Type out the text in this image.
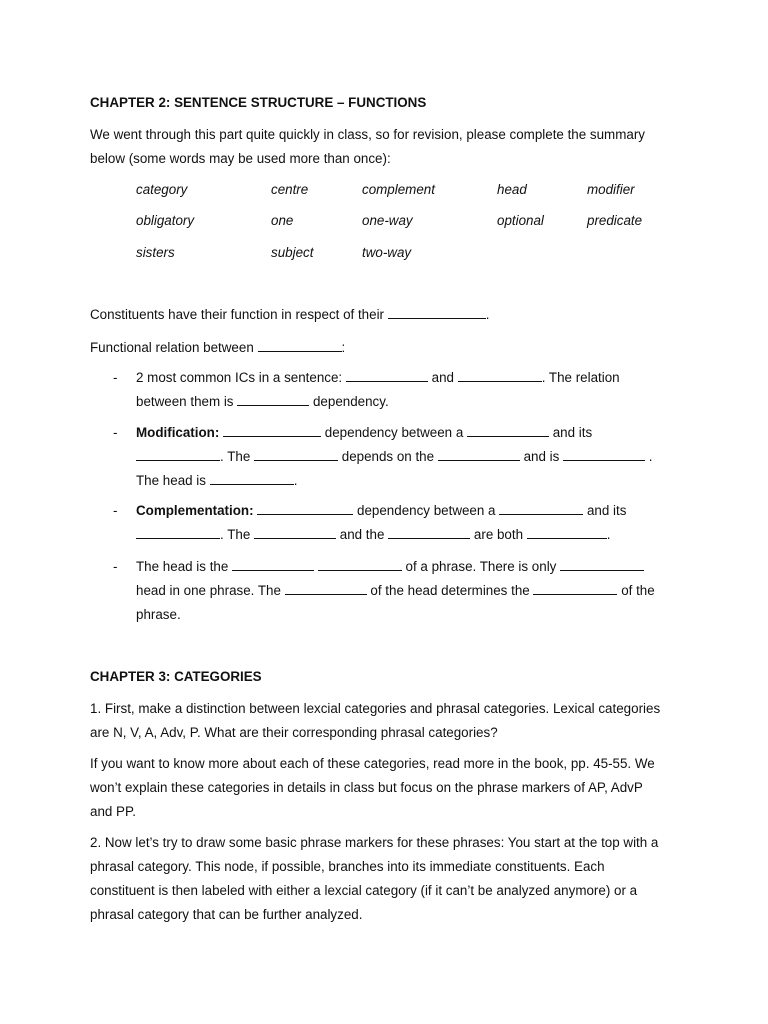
CHAPTER 2: SENTENCE STRUCTURE – FUNCTIONS
We went through this part quite quickly in class, so for revision, please complete the summary
below (some words may be used more than once):
category	centre	complement	head	modifier
obligatory	one	one-way	optional	predicate
sisters	subject	two-way
Constituents have their function in respect of their	.
Functional relation between	:
- 2 most common ICs in a sentence:	and	. The relation
between them is	dependency.
- Modification:	dependency between a	and its
. The	depends on the	and is	.
The head is	.
- Complementation:	dependency between a	and its
. The	and the	are both	.
- The head is the	of a phrase. There is only
head in one phrase. The	of the head determines the	of the
phrase.
CHAPTER 3: CATEGORIES
1. First, make a distinction between lexcial categories and phrasal categories. Lexical categories
are N, V, A, Adv, P. What are their corresponding phrasal categories?
If you want to know more about each of these categories, read more in the book, pp. 45-55. We
won’t explain these categories in details in class but focus on the phrase markers of AP, AdvP
and PP.
2. Now let’s try to draw some basic phrase markers for these phrases: You start at the top with a
phrasal category. This node, if possible, branches into its immediate constituents. Each
constituent is then labeled with either a lexcial category (if it can’t be analyzed anymore) or a
phrasal category that can be further analyzed.
